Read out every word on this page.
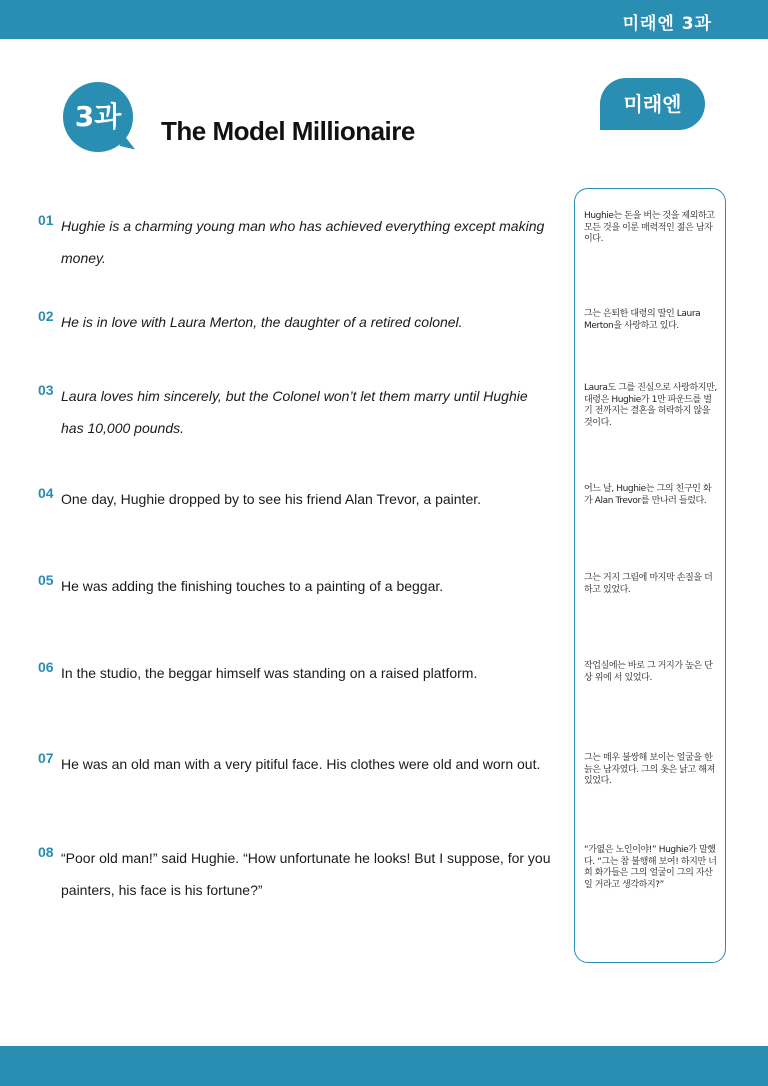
미래엔 3과
3과	The Model Millionaire
미래엔
01 Hughie is a charming young man who has achieved everything except making money.
Hughie는 돈을 버는 것을 제외하고 모든 것을 이룬 매력적인 젊은 남자이다.
02 He is in love with Laura Merton, the daughter of a retired colonel.	그는 은퇴한 대령의 딸인 Laura Merton을 사랑하고 있다.
03 Laura loves him sincerely, but the Colonel won’t let them marry until Hughie has 10,000 pounds.
Laura도 그를 진심으로 사랑하지만, 대령은 Hughie가 1만 파운드를 벌기 전까지는 결혼을 허락하지 않을 것이다.
04 One day, Hughie dropped by to see his friend Alan Trevor, a painter.
어느 날, Hughie는 그의 친구인 화가 Alan Trevor를 만나러 들렀다.
05 He was adding the finishing touches to a painting of a beggar.	그는 거지 그림에 마지막 손질을 더하고 있었다.
06 In the studio, the beggar himself was standing on a raised platform.	작업실에는 바로 그 거지가 높은 단상 위에 서 있었다.
07 He was an old man with a very pitiful face. His clothes were old and worn out.	그는 매우 불쌍해 보이는 얼굴을 한 늙은 남자였다. 그의 옷은 낡고 해져 있었다.
08 “Poor old man!” said Hughie. “How unfortunate he looks! But I suppose, for you painters, his face is his fortune?”
“가엾은 노인이야!” Hughie가 말했다. “그는 참 불행해 보여! 하지만 너희 화가들은 그의 얼굴이 그의 자산일 거라고 생각하지?”
